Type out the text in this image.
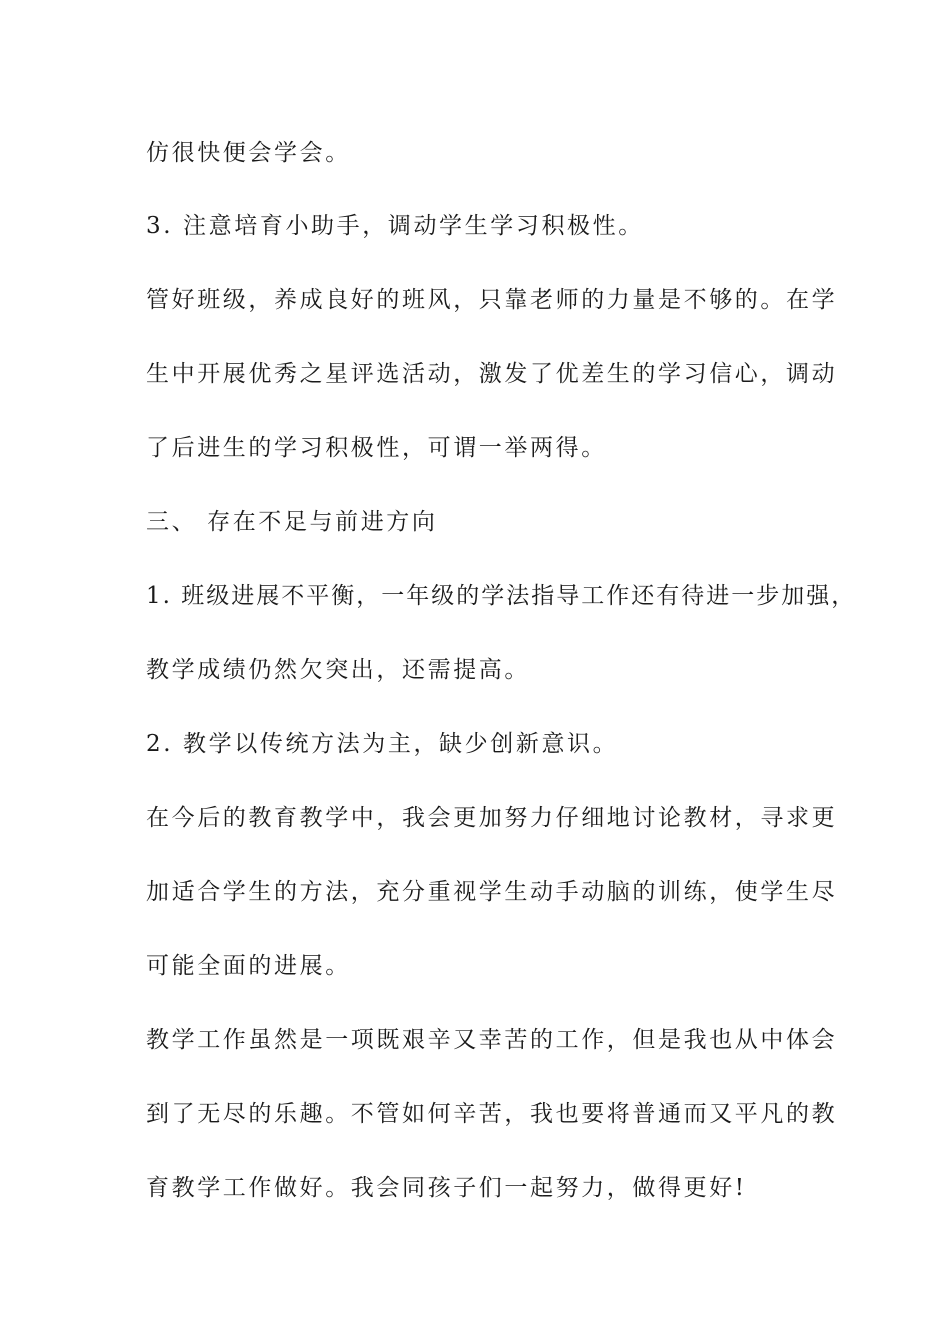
仿很快便会学会。
3. 注意培育小助手，调动学生学习积极性。
管好班级，养成良好的班风，只靠老师的力量是不够的。在学
生中开展优秀之星评选活动，激发了优差生的学习信心，调动
了后进生的学习积极性，可谓一举两得。
三、 存在不足与前进方向
1. 班级进展不平衡，一年级的学法指导工作还有待进一步加强，
教学成绩仍然欠突出，还需提高。
2. 教学以传统方法为主，缺少创新意识。
在今后的教育教学中，我会更加努力仔细地讨论教材，寻求更
加适合学生的方法，充分重视学生动手动脑的训练，使学生尽
可能全面的进展。
教学工作虽然是一项既艰辛又幸苦的工作，但是我也从中体会
到了无尽的乐趣。不管如何辛苦，我也要将普通而又平凡的教
育教学工作做好。我会同孩子们一起努力，做得更好!
